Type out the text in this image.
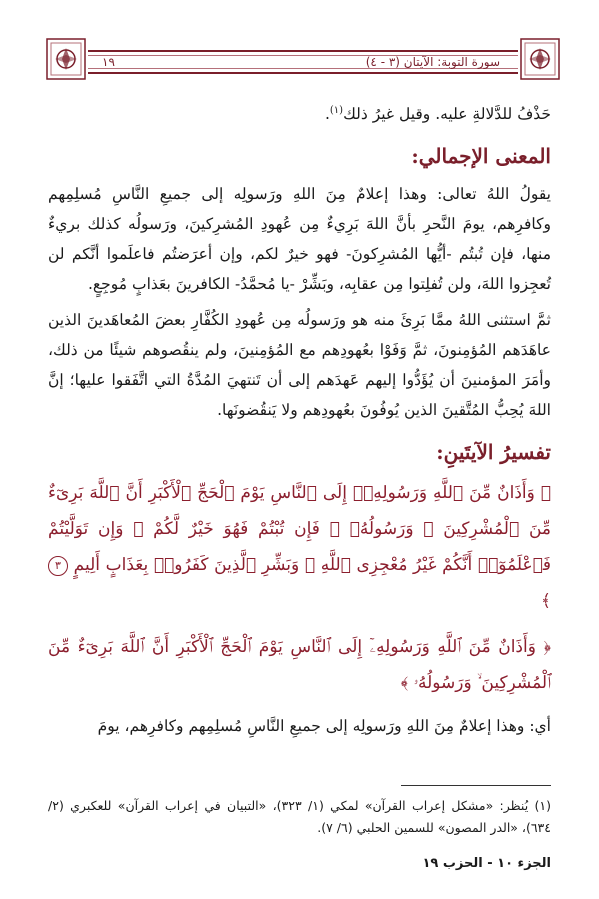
سورة التوبة: الآيتان (٣ - ٤)
١٩

حَذْفُ للدَّلالةِ عليه. وقيل غيرُ ذلك$^{(١)}$.

المعنى الإجمالي:

يقولُ اللهُ تعالى: وهذا إعلامٌ مِنَ اللهِ ورَسولِه إلى جميعِ النَّاسِ مُسلِمِهم وكافرِهم، يومَ النَّحرِ بأنَّ اللهَ بَرِيءٌ مِن عُهودِ المُشرِكينَ، ورَسولُه كذلك بريءٌ منها، فإن تُبتُم -أيُّها المُشرِكونَ- فهو خيرٌ لكم، وإن أعرَضتُم فاعلَموا أنَّكم لن تُعجِزوا اللهَ، ولن تُفلِتوا مِن عقابِه، وبَشِّرْ -يا مُحمَّدُ- الكافرينَ بعَذابٍ مُوجِعٍ.

ثمَّ استثنى اللهُ ممَّا بَرِئَ منه هو ورَسولُه مِن عُهودِ الكُفَّارِ بعضَ المُعاهَدينَ الذين عاهَدَهم المُؤمِنونَ، ثمَّ وَفَوْا بعُهودِهم مع المُؤمِنينَ، ولم ينقُصوهم شيئًا من ذلك، وأمَرَ المؤمنينَ أن يُؤَدُّوا إليهم عَهدَهم إلى أن تَنتهيَ المُدَّةُ التي اتَّفَقوا عليها؛ إنَّ اللهَ يُحِبُّ المُتَّقينَ الذين يُوفُونَ بعُهودِهم ولا يَنقُضونَها.

تفسيرُ الآيتَينِ:
﴿ وَأَذَانٌ مِّنَ ٱللَّهِ وَرَسُولِهِۦٓ إِلَى ٱلنَّاسِ يَوْمَ ٱلْحَجِّ ٱلْأَكْبَرِ أَنَّ ٱللَّهَ بَرِىٓءٌ مِّنَ ٱلْمُشْرِكِينَ ۙ وَرَسُولُهُۥ ۚ فَإِن تُبْتُمْ فَهُوَ خَيْرٌ لَّكُمْ ۖ وَإِن تَوَلَّيْتُمْ فَٱعْلَمُوٓا۟ أَنَّكُمْ غَيْرُ مُعْجِزِى ٱللَّهِ ۗ وَبَشِّرِ ٱلَّذِينَ كَفَرُوا۟ بِعَذَابٍ أَلِيمٍ ٣ ﴾
﴿ وَأَذَانٌ مِّنَ ٱللَّهِ وَرَسُولِهِۦٓ إِلَى ٱلنَّاسِ يَوْمَ ٱلْحَجِّ ٱلْأَكْبَرِ أَنَّ ٱللَّهَ بَرِىٓءٌ مِّنَ ٱلْمُشْرِكِينَ ۙ وَرَسُولُهُۥ ﴾

أي: وهذا إعلامٌ مِنَ اللهِ ورَسولِه إلى جميعِ النَّاسِ مُسلِمِهم وكافرِهم، يومَ

(١) يُنظر: «مشكل إعراب القرآن» لمكي (١/ ٣٢٣)، «التبيان في إعراب القرآن» للعكبري (٢/ ٦٣٤)، «الدر المصون» للسمين الحلبي (٦/ ٧).
الجزء ١٠ - الحزب ١٩
